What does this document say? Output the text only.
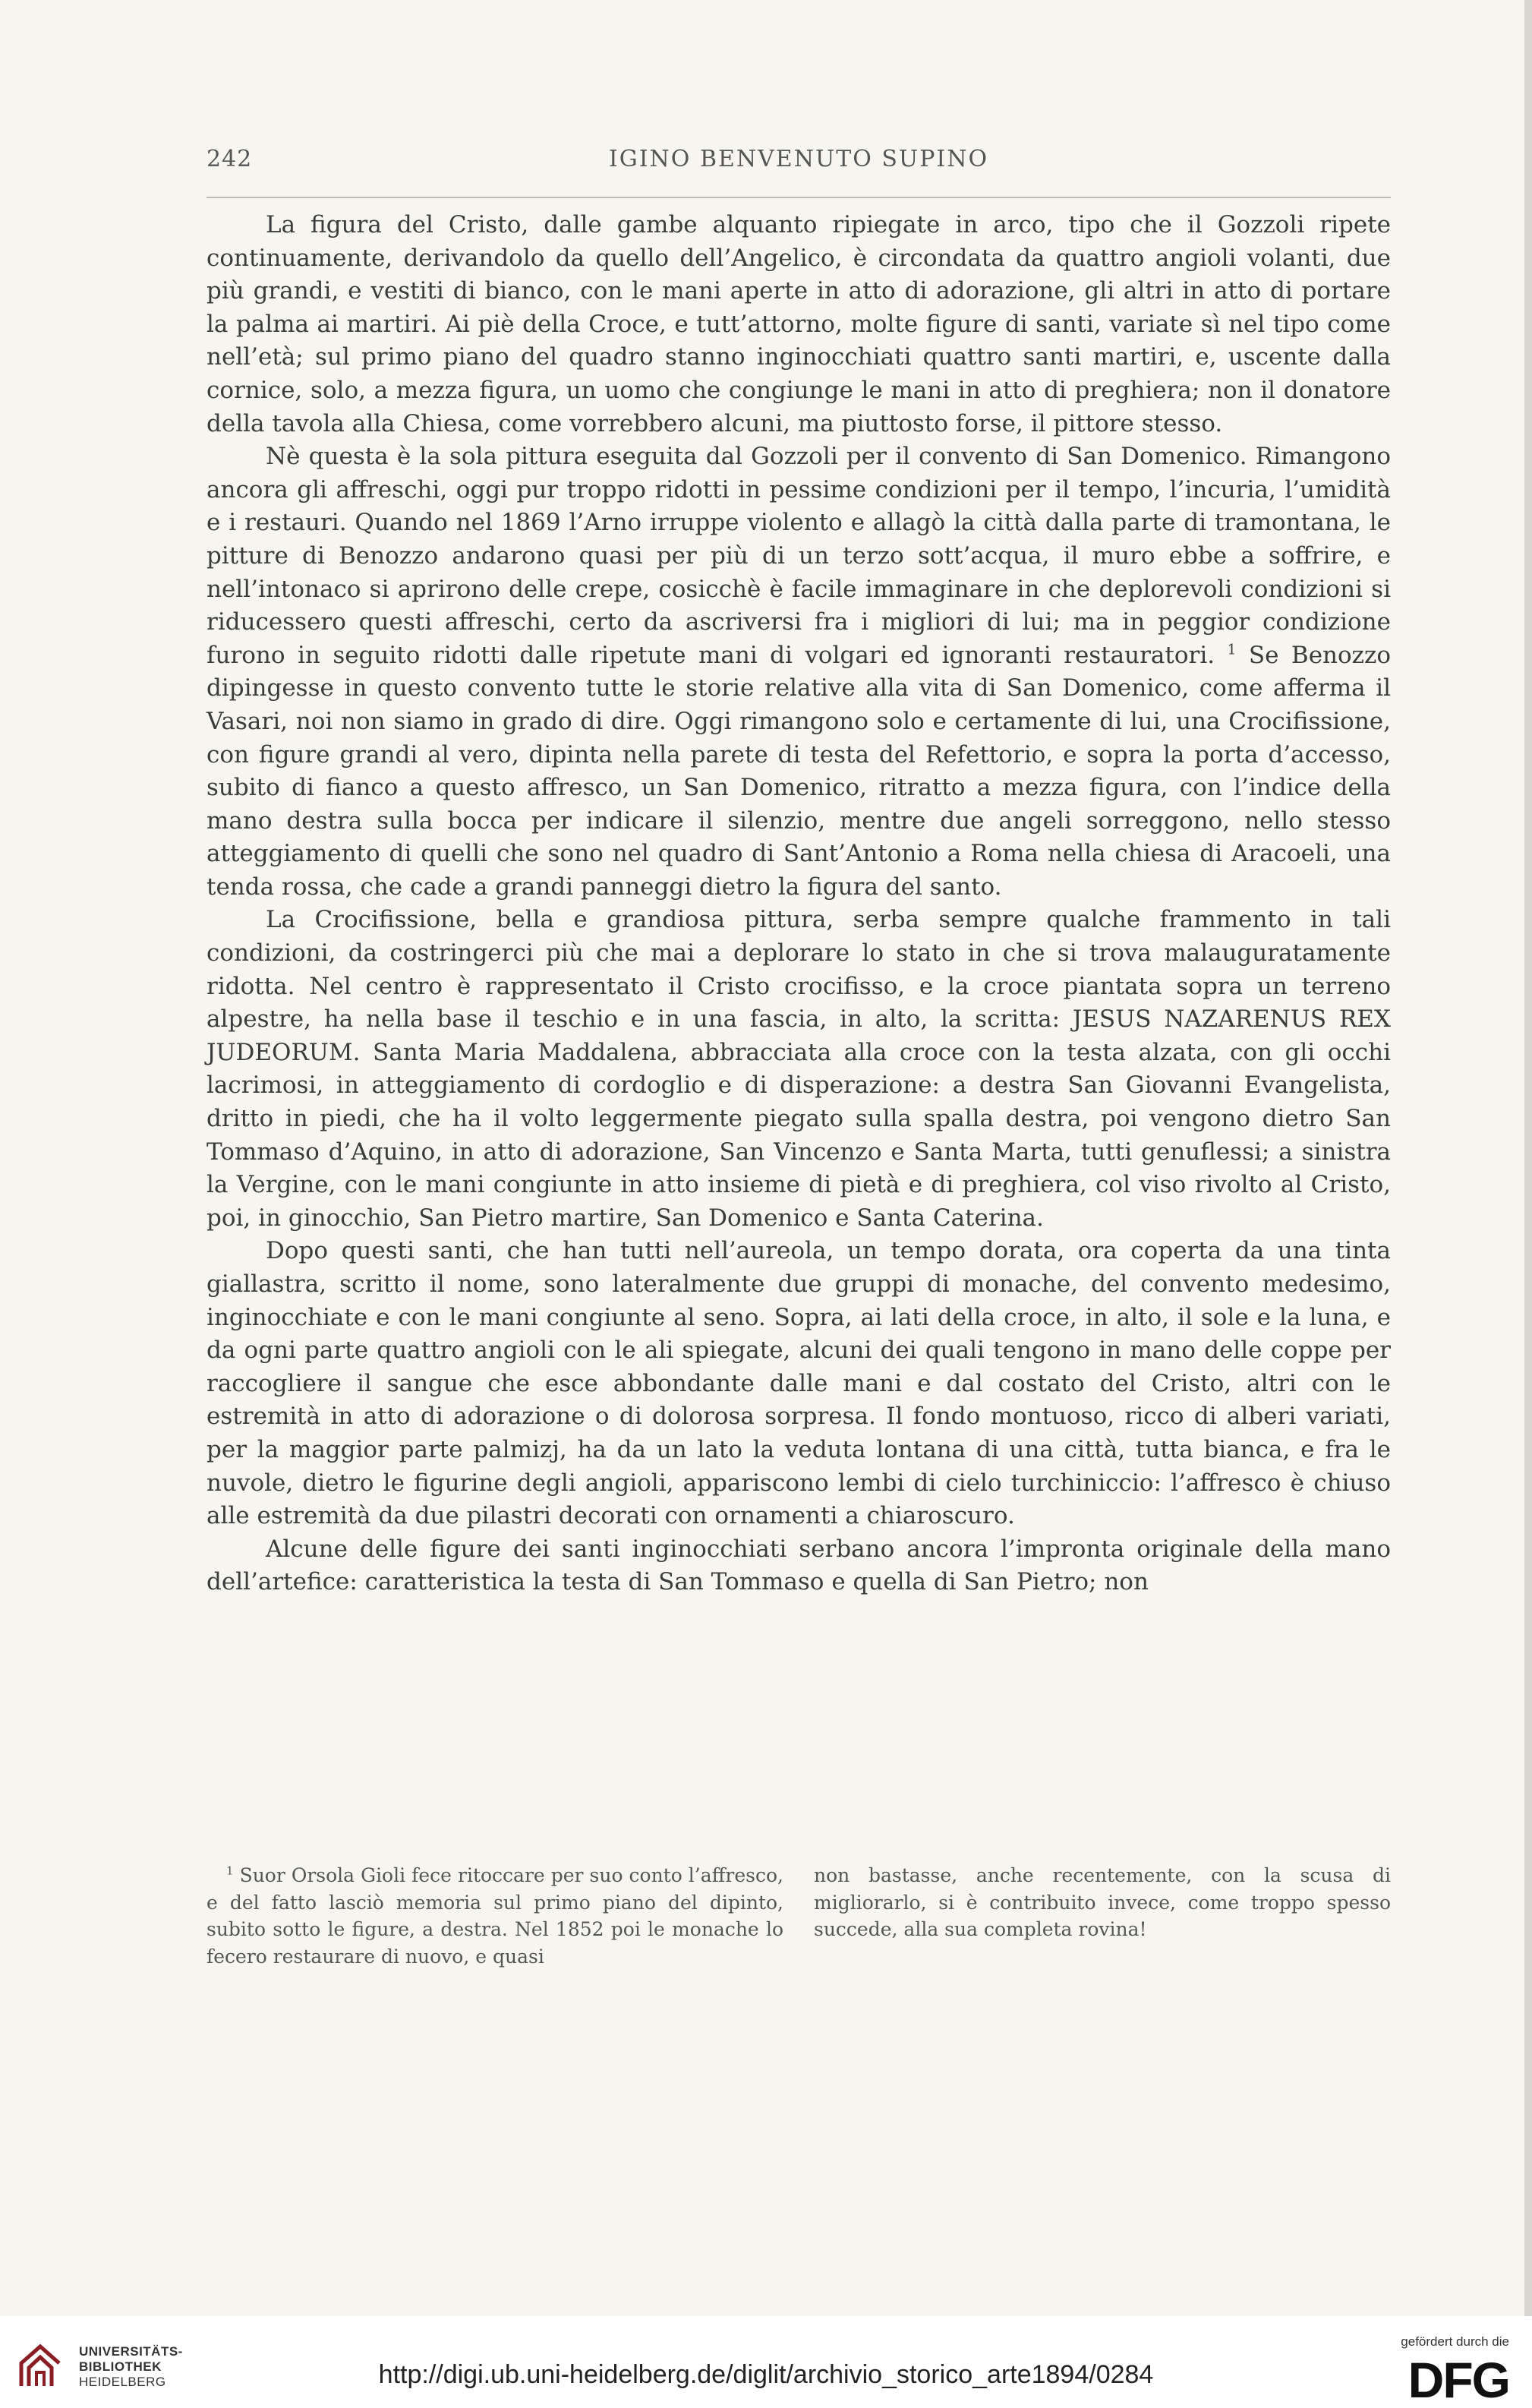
242	IGINO BENVENUTO SUPINO

La figura del Cristo, dalle gambe alquanto ripiegate in arco, tipo che il Gozzoli ripete continuamente, derivandolo da quello dell’Angelico, è circondata da quattro angioli volanti, due più grandi, e vestiti di bianco, con le mani aperte in atto di adorazione, gli altri in atto di portare la palma ai martiri. Ai piè della Croce, e tutt’attorno, molte figure di santi, variate sì nel tipo come nell’età; sul primo piano del quadro stanno inginocchiati quattro santi martiri, e, uscente dalla cornice, solo, a mezza figura, un uomo che congiunge le mani in atto di preghiera; non il donatore della tavola alla Chiesa, come vorrebbero alcuni, ma piuttosto forse, il pittore stesso.

Nè questa è la sola pittura eseguita dal Gozzoli per il convento di San Domenico. Rimangono ancora gli affreschi, oggi pur troppo ridotti in pessime condizioni per il tempo, l’incuria, l’umidità e i restauri. Quando nel 1869 l’Arno irruppe violento e allagò la città dalla parte di tramontana, le pitture di Benozzo andarono quasi per più di un terzo sott’acqua, il muro ebbe a soffrire, e nell’intonaco si aprirono delle crepe, cosicchè è facile immaginare in che deplorevoli condizioni si riducessero questi affreschi, certo da ascriversi fra i migliori di lui; ma in peggior condizione furono in seguito ridotti dalle ripetute mani di volgari ed ignoranti restauratori. $^1$ Se Benozzo dipingesse in questo convento tutte le storie relative alla vita di San Domenico, come afferma il Vasari, noi non siamo in grado di dire. Oggi rimangono solo e certamente di lui, una Crocifissione, con figure grandi al vero, dipinta nella parete di testa del Refettorio, e sopra la porta d’accesso, subito di fianco a questo affresco, un San Domenico, ritratto a mezza figura, con l’indice della mano destra sulla bocca per indicare il silenzio, mentre due angeli sorreggono, nello stesso atteggiamento di quelli che sono nel quadro di Sant’Antonio a Roma nella chiesa di Aracoeli, una tenda rossa, che cade a grandi panneggi dietro la figura del santo.

La Crocifissione, bella e grandiosa pittura, serba sempre qualche frammento in tali condizioni, da costringerci più che mai a deplorare lo stato in che si trova malauguratamente ridotta. Nel centro è rappresentato il Cristo crocifisso, e la croce piantata sopra un terreno alpestre, ha nella base il teschio e in una fascia, in alto, la scritta: JESUS NAZARENUS REX JUDEORUM. Santa Maria Maddalena, abbracciata alla croce con la testa alzata, con gli occhi lacrimosi, in atteggiamento di cordoglio e di disperazione: a destra San Giovanni Evangelista, dritto in piedi, che ha il volto leggermente piegato sulla spalla destra, poi vengono dietro San Tommaso d’Aquino, in atto di adorazione, San Vincenzo e Santa Marta, tutti genuflessi; a sinistra la Vergine, con le mani congiunte in atto insieme di pietà e di preghiera, col viso rivolto al Cristo, poi, in ginocchio, San Pietro martire, San Domenico e Santa Caterina.

Dopo questi santi, che han tutti nell’aureola, un tempo dorata, ora coperta da una tinta giallastra, scritto il nome, sono lateralmente due gruppi di monache, del convento medesimo, inginocchiate e con le mani congiunte al seno. Sopra, ai lati della croce, in alto, il sole e la luna, e da ogni parte quattro angioli con le ali spiegate, alcuni dei quali tengono in mano delle coppe per raccogliere il sangue che esce abbondante dalle mani e dal costato del Cristo, altri con le estremità in atto di adorazione o di dolorosa sorpresa. Il fondo montuoso, ricco di alberi variati, per la maggior parte palmizj, ha da un lato la veduta lontana di una città, tutta bianca, e fra le nuvole, dietro le figurine degli angioli, appariscono lembi di cielo turchiniccio: l’affresco è chiuso alle estremità da due pilastri decorati con ornamenti a chiaroscuro.

Alcune delle figure dei santi inginocchiati serbano ancora l’impronta originale della mano dell’artefice: caratteristica la testa di San Tommaso e quella di San Pietro; non

$^1$ Suor Orsola Gioli fece ritoccare per suo conto l’affresco, e del fatto lasciò memoria sul primo piano del dipinto, subito sotto le figure, a destra. Nel 1852 poi le monache lo fecero restaurare di nuovo, e quasi
non bastasse, anche recentemente, con la scusa di migliorarlo, si è contribuito invece, come troppo spesso succede, alla sua completa rovina!
UNIVERSITÄTS-
BIBLIOTHEK
HEIDELBERG	http://digi.ub.uni-heidelberg.de/diglit/archivio_storico_arte1894/0284
gefördert durch die
DFG
